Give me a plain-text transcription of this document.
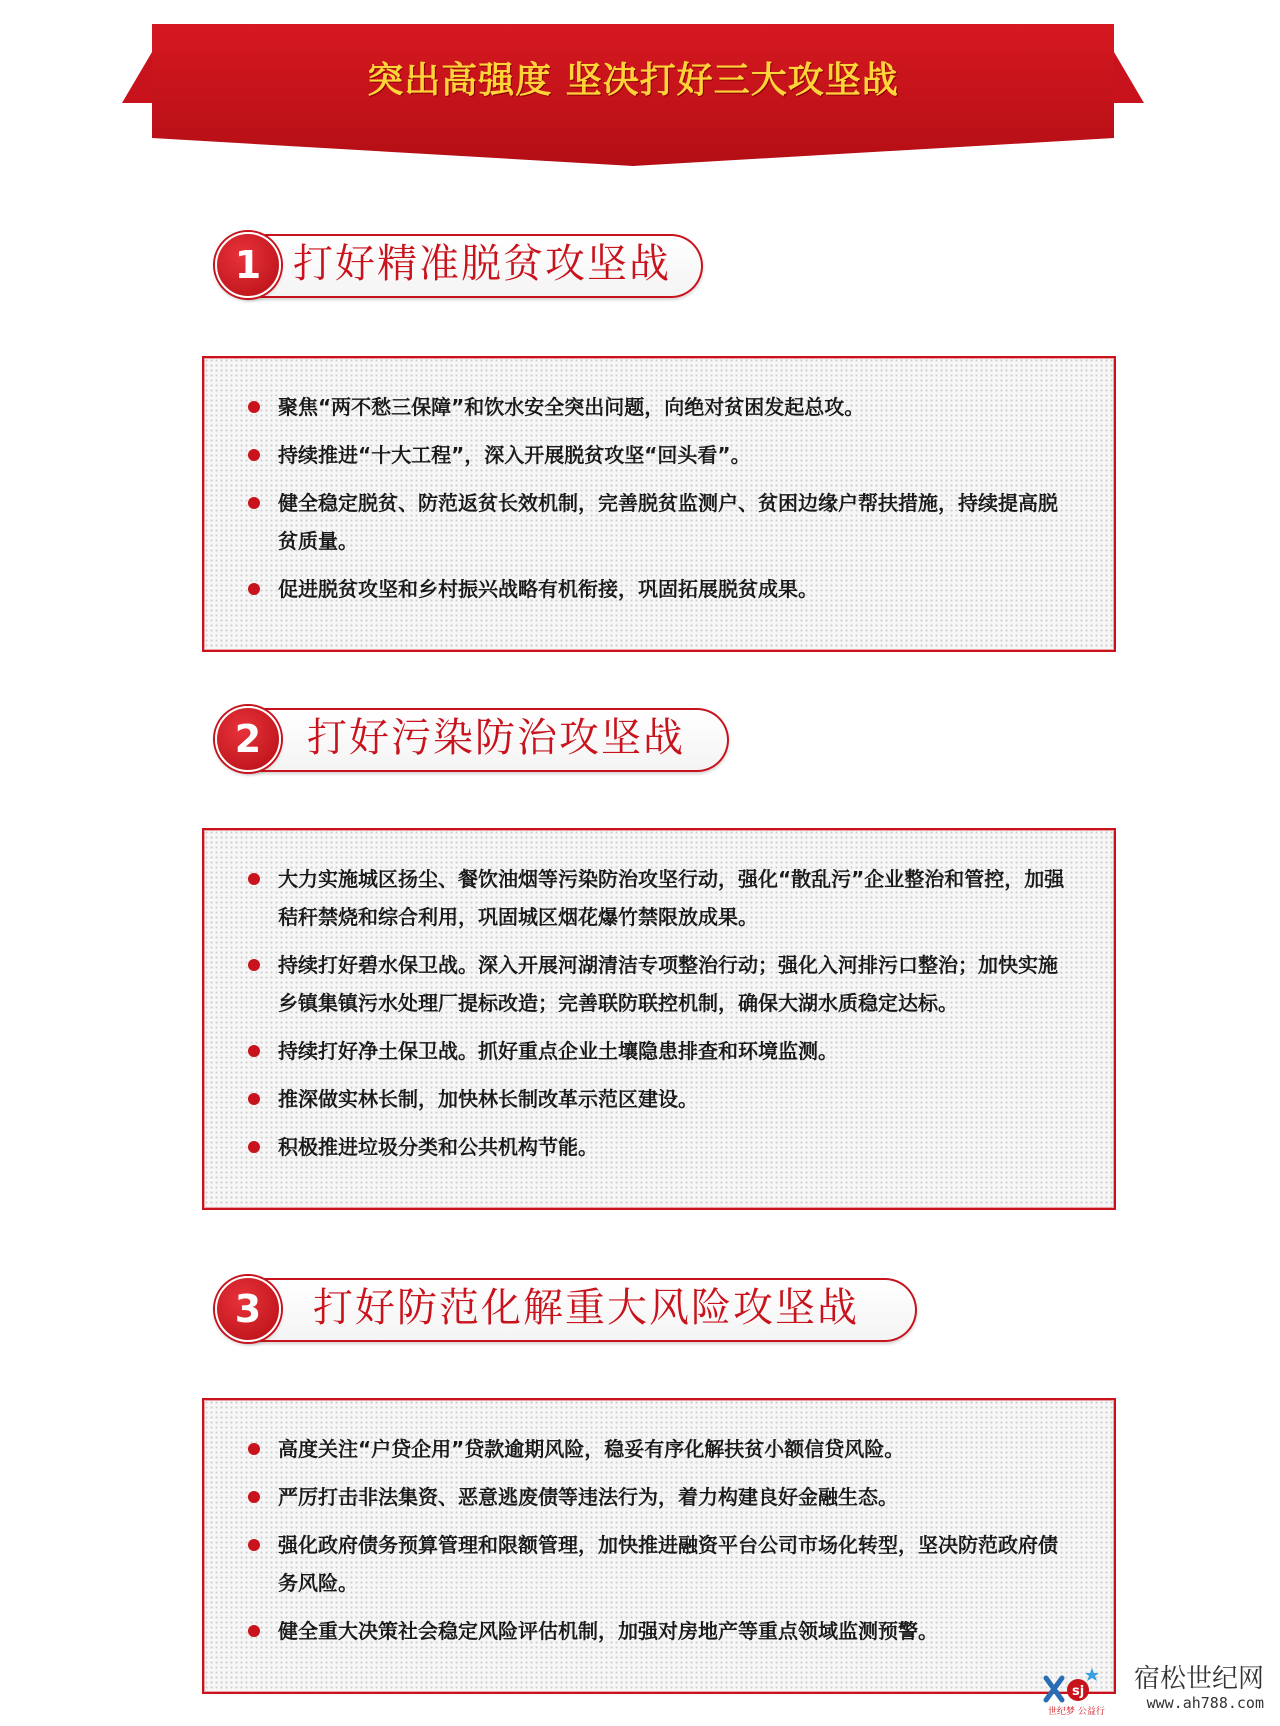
突出高强度 坚决打好三大攻坚战
1 打好精准脱贫攻坚战
聚焦“两不愁三保障”和饮水安全突出问题，向绝对贫困发起总攻。
持续推进“十大工程”，深入开展脱贫攻坚“回头看”。
健全稳定脱贫、防范返贫长效机制，完善脱贫监测户、贫困边缘户帮扶措施，持续提高脱贫质量。
促进脱贫攻坚和乡村振兴战略有机衔接，巩固拓展脱贫成果。
2	打好污染防治攻坚战
大力实施城区扬尘、餐饮油烟等污染防治攻坚行动，强化“散乱污”企业整治和管控，加强秸秆禁烧和综合利用，巩固城区烟花爆竹禁限放成果。
持续打好碧水保卫战。深入开展河湖清洁专项整治行动；强化入河排污口整治；加快实施乡镇集镇污水处理厂提标改造；完善联防联控机制，确保大湖水质稳定达标。
持续打好净土保卫战。抓好重点企业土壤隐患排查和环境监测。
推深做实林长制，加快林长制改革示范区建设。
积极推进垃圾分类和公共机构节能。
3	打好防范化解重大风险攻坚战
高度关注“户贷企用”贷款逾期风险，稳妥有序化解扶贫小额信贷风险。
严厉打击非法集资、恶意逃废债等违法行为，着力构建良好金融生态。
强化政府债务预算管理和限额管理，加快推进融资平台公司市场化转型，坚决防范政府债务风险。
健全重大决策社会稳定风险评估机制，加强对房地产等重点领域监测预警。
sj
世纪梦 公益行
宿松世纪网
www.ah788.com
